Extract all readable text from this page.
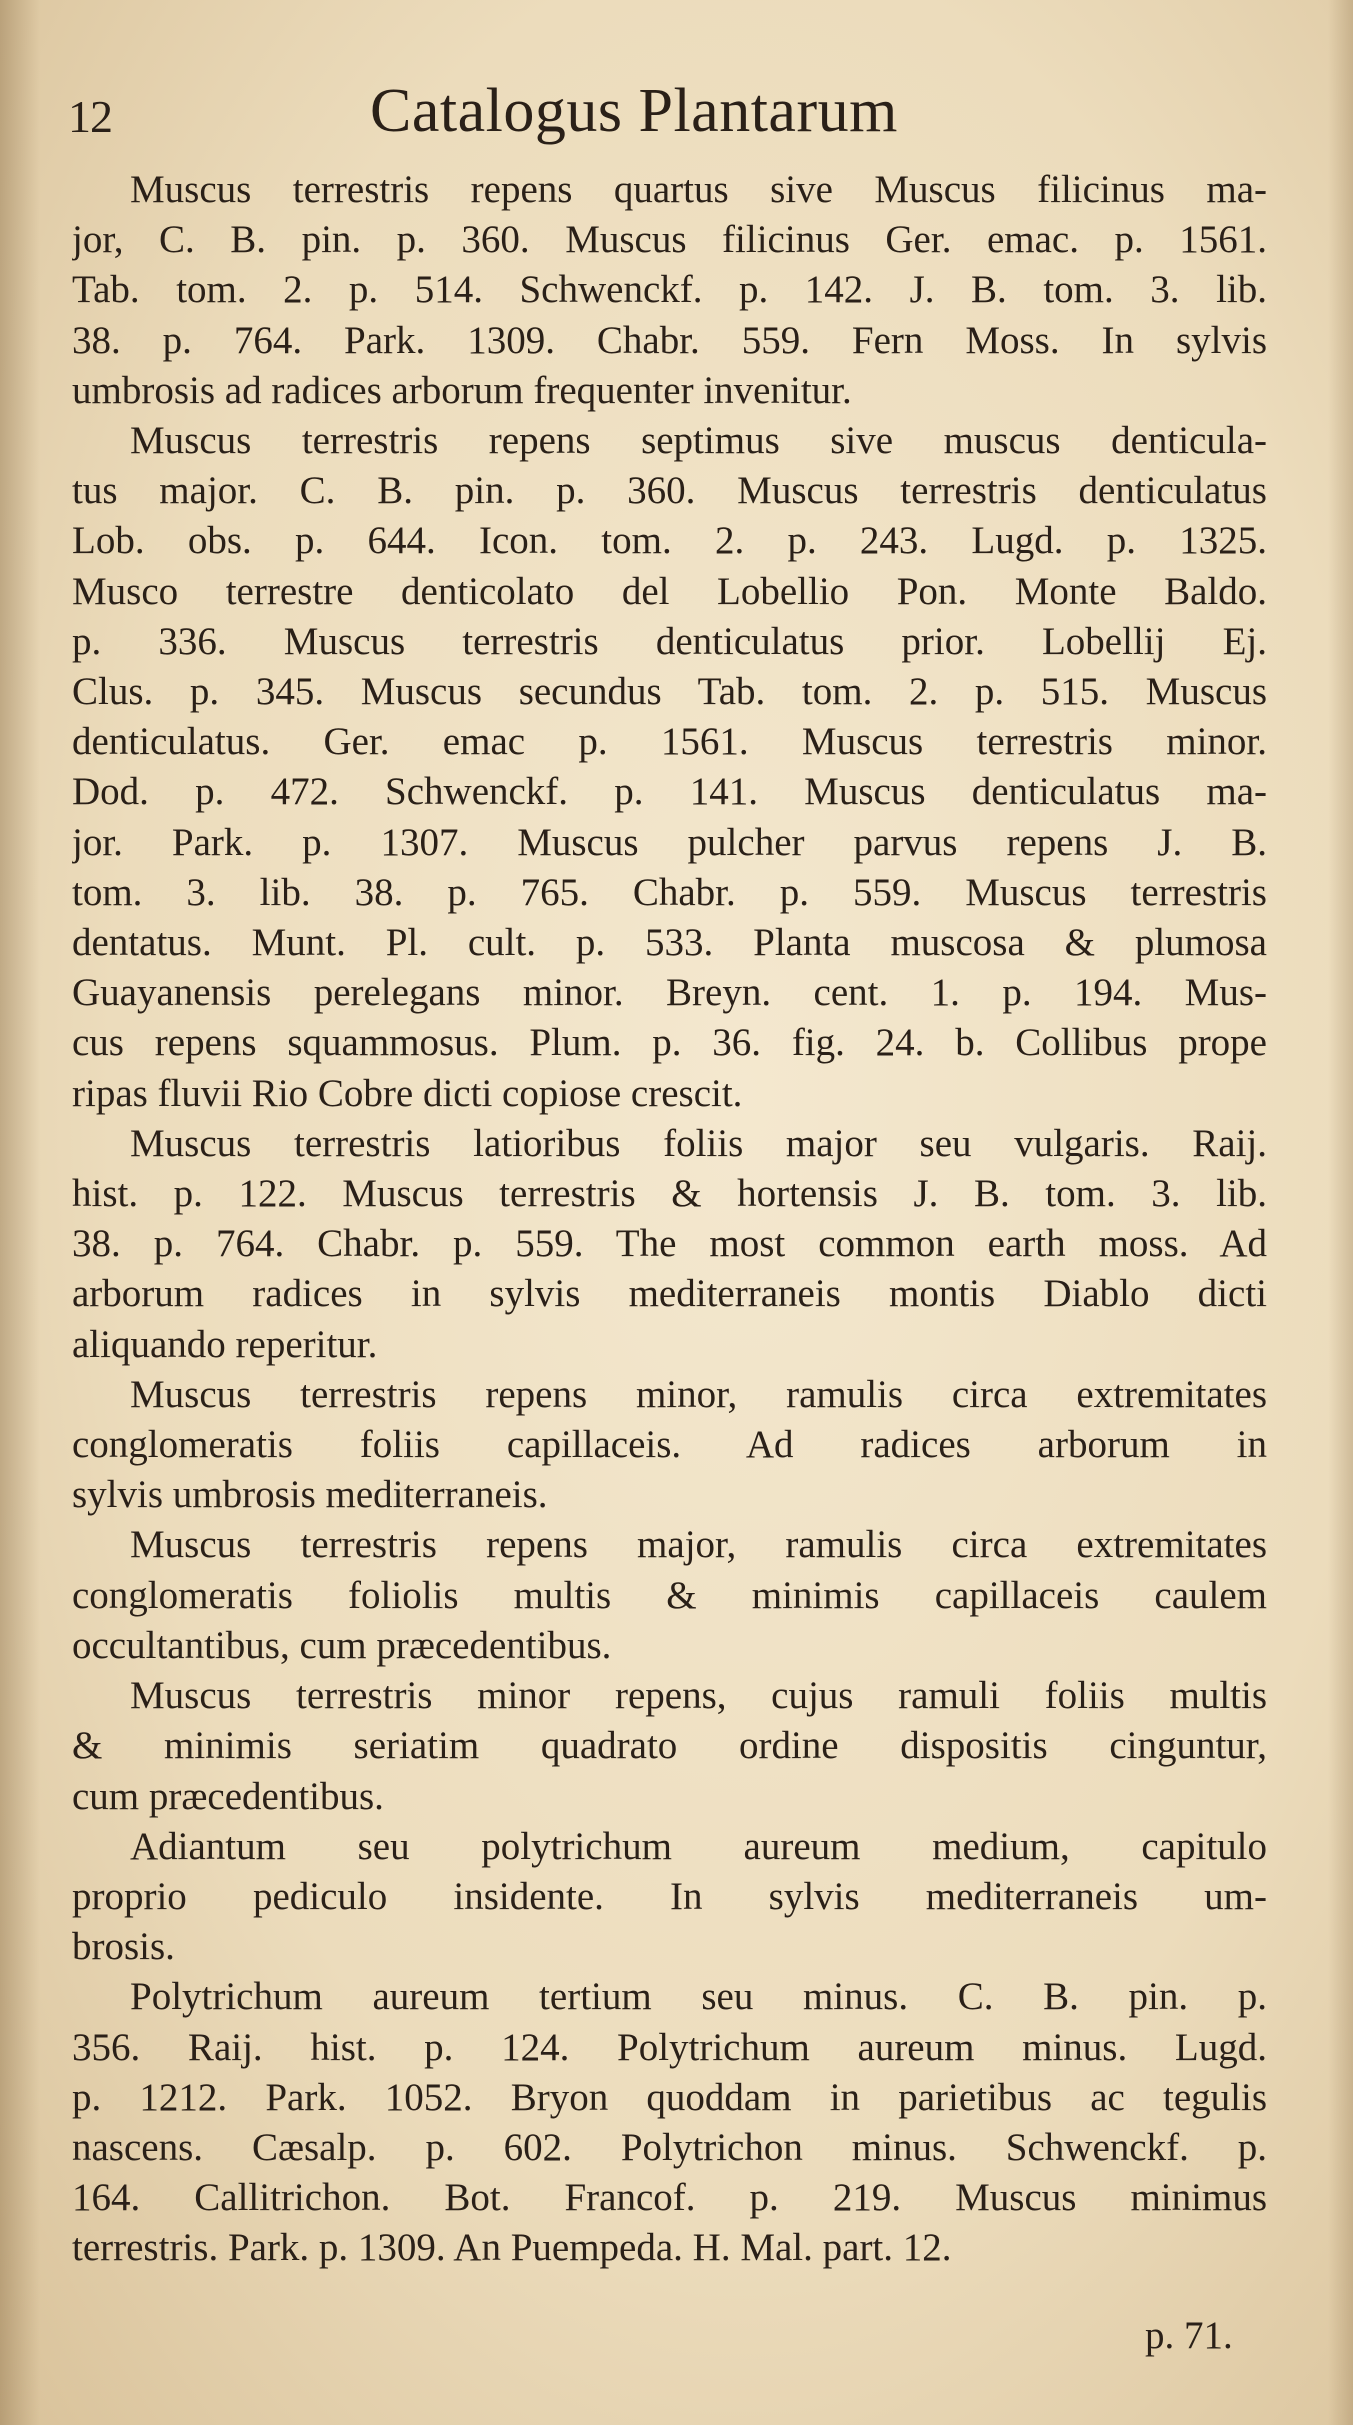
12	Catalogus Plantarum
Muscus terrestris repens quartus sive Muscus filicinus ma-
jor, C. B. pin. p. 360. Muscus filicinus Ger. emac. p. 1561.
Tab. tom. 2. p. 514. Schwenckf. p. 142. J. B. tom. 3. lib.
38. p. 764. Park. 1309. Chabr. 559. Fern Moss. In sylvis
umbrosis ad radices arborum frequenter invenitur.
Muscus terrestris repens septimus sive muscus denticula-
tus major. C. B. pin. p. 360. Muscus terrestris denticulatus
Lob. obs. p. 644. Icon. tom. 2. p. 243. Lugd. p. 1325.
Musco terrestre denticolato del Lobellio Pon. Monte Baldo.
p. 336. Muscus terrestris denticulatus prior. Lobellij Ej.
Clus. p. 345. Muscus secundus Tab. tom. 2. p. 515. Muscus
denticulatus. Ger. emac p. 1561. Muscus terrestris minor.
Dod. p. 472. Schwenckf. p. 141. Muscus denticulatus ma-
jor. Park. p. 1307. Muscus pulcher parvus repens J. B.
tom. 3. lib. 38. p. 765. Chabr. p. 559. Muscus terrestris
dentatus. Munt. Pl. cult. p. 533. Planta muscosa & plumosa
Guayanensis perelegans minor. Breyn. cent. 1. p. 194. Mus-
cus repens squammosus. Plum. p. 36. fig. 24. b. Collibus prope
ripas fluvii Rio Cobre dicti copiose crescit.
Muscus terrestris latioribus foliis major seu vulgaris. Raij.
hist. p. 122. Muscus terrestris & hortensis J. B. tom. 3. lib.
38. p. 764. Chabr. p. 559. The most common earth moss. Ad
arborum radices in sylvis mediterraneis montis Diablo dicti
aliquando reperitur.
Muscus terrestris repens minor, ramulis circa extremitates
conglomeratis foliis capillaceis. Ad radices arborum in
sylvis umbrosis mediterraneis.
Muscus terrestris repens major, ramulis circa extremitates
conglomeratis foliolis multis & minimis capillaceis caulem
occultantibus, cum præcedentibus.
Muscus terrestris minor repens, cujus ramuli foliis multis
& minimis seriatim quadrato ordine dispositis cinguntur,
cum præcedentibus.
Adiantum seu polytrichum aureum medium, capitulo
proprio pediculo insidente. In sylvis mediterraneis um-
brosis.
Polytrichum aureum tertium seu minus. C. B. pin. p.
356. Raij. hist. p. 124. Polytrichum aureum minus. Lugd.
p. 1212. Park. 1052. Bryon quoddam in parietibus ac tegulis
nascens. Cæsalp. p. 602. Polytrichon minus. Schwenckf. p.
164. Callitrichon. Bot. Francof. p. 219. Muscus minimus
terrestris. Park. p. 1309. An Puempeda. H. Mal. part. 12.
p. 71.
